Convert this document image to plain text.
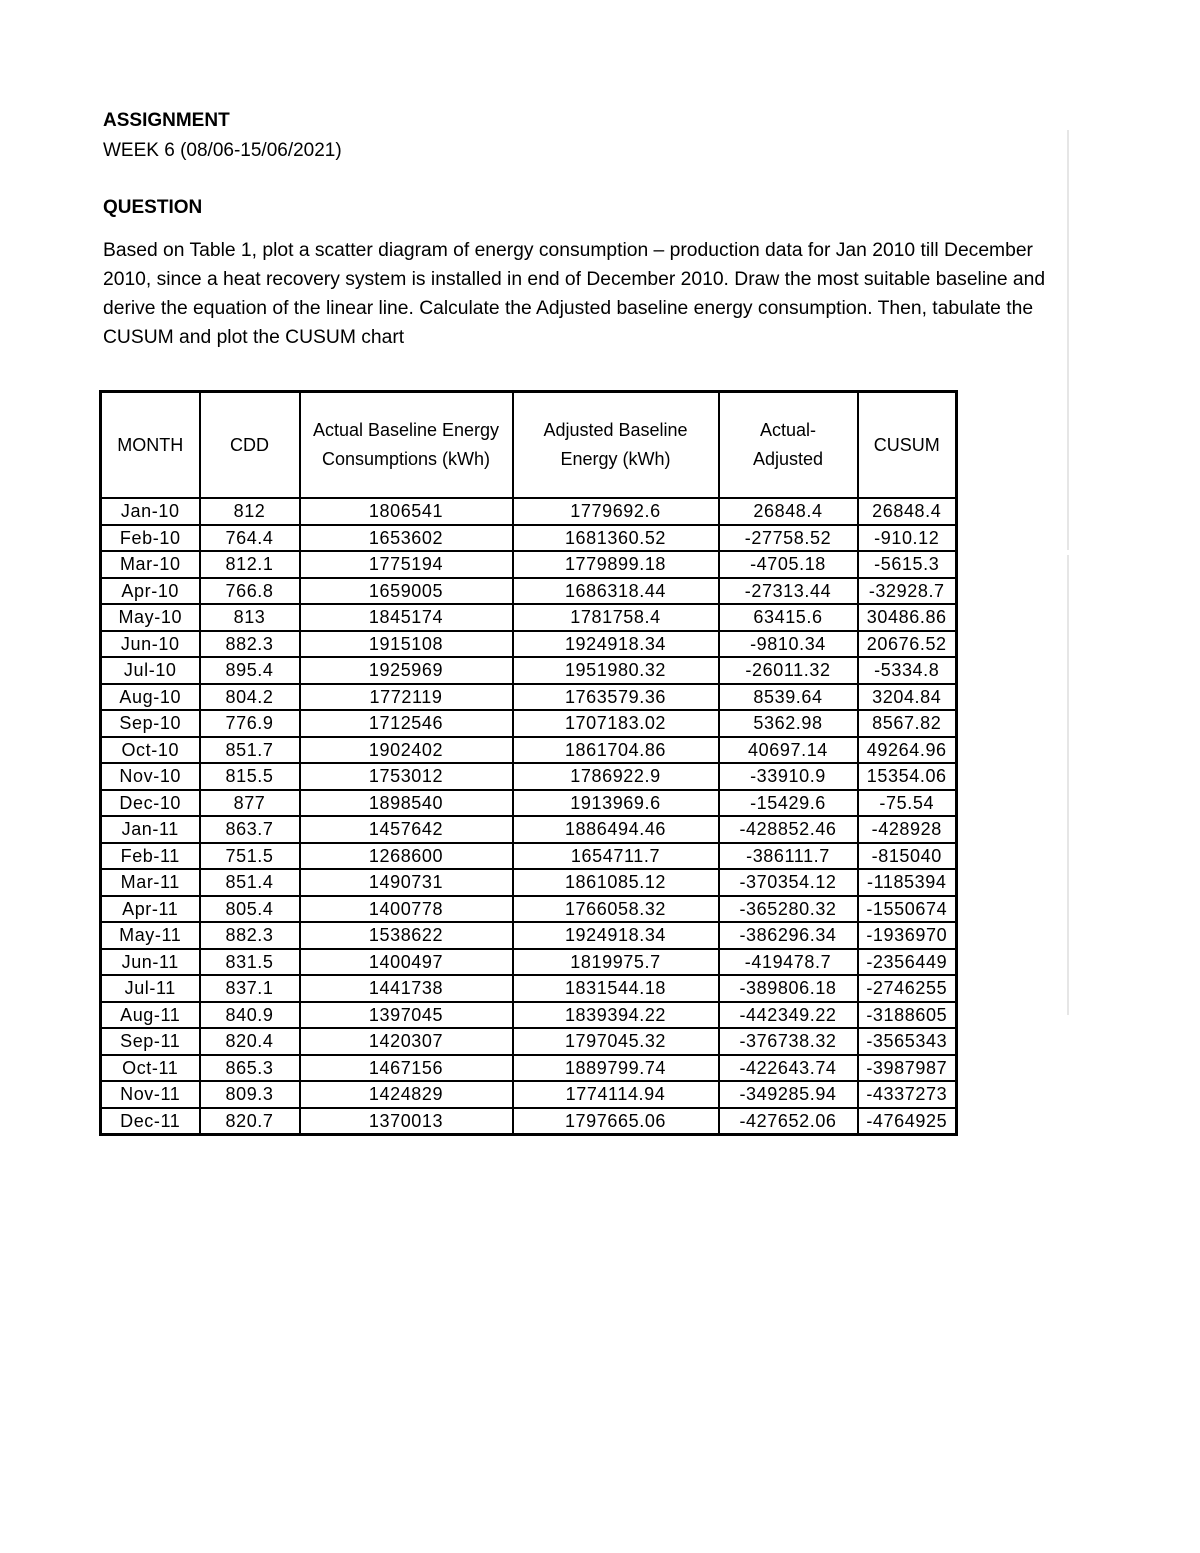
ASSIGNMENT
WEEK 6 (08/06-15/06/2021)
QUESTION

Based on Table 1, plot a scatter diagram of energy consumption – production data for Jan 2010 till December 2010, since a heat recovery system is installed in end of December 2010. Draw the most suitable baseline and derive the equation of the linear line. Calculate the Adjusted baseline energy consumption. Then, tabulate the CUSUM and plot the CUSUM chart

MONTH	CDD	Actual Baseline Energy Consumptions (kWh)	Adjusted Baseline Energy (kWh)	Actual-Adjusted	CUSUM
Jan-10	812	1806541	1779692.6	26848.4	26848.4
Feb-10	764.4	1653602	1681360.52	-27758.52	-910.12
Mar-10	812.1	1775194	1779899.18	-4705.18	-5615.3
Apr-10	766.8	1659005	1686318.44	-27313.44	-32928.7
May-10	813	1845174	1781758.4	63415.6	30486.86
Jun-10	882.3	1915108	1924918.34	-9810.34	20676.52
Jul-10	895.4	1925969	1951980.32	-26011.32	-5334.8
Aug-10	804.2	1772119	1763579.36	8539.64	3204.84
Sep-10	776.9	1712546	1707183.02	5362.98	8567.82
Oct-10	851.7	1902402	1861704.86	40697.14	49264.96
Nov-10	815.5	1753012	1786922.9	-33910.9	15354.06
Dec-10	877	1898540	1913969.6	-15429.6	-75.54
Jan-11	863.7	1457642	1886494.46	-428852.46	-428928
Feb-11	751.5	1268600	1654711.7	-386111.7	-815040
Mar-11	851.4	1490731	1861085.12	-370354.12	-1185394
Apr-11	805.4	1400778	1766058.32	-365280.32	-1550674
May-11	882.3	1538622	1924918.34	-386296.34	-1936970
Jun-11	831.5	1400497	1819975.7	-419478.7	-2356449
Jul-11	837.1	1441738	1831544.18	-389806.18	-2746255
Aug-11	840.9	1397045	1839394.22	-442349.22	-3188605
Sep-11	820.4	1420307	1797045.32	-376738.32	-3565343
Oct-11	865.3	1467156	1889799.74	-422643.74	-3987987
Nov-11	809.3	1424829	1774114.94	-349285.94	-4337273
Dec-11	820.7	1370013	1797665.06	-427652.06	-4764925
